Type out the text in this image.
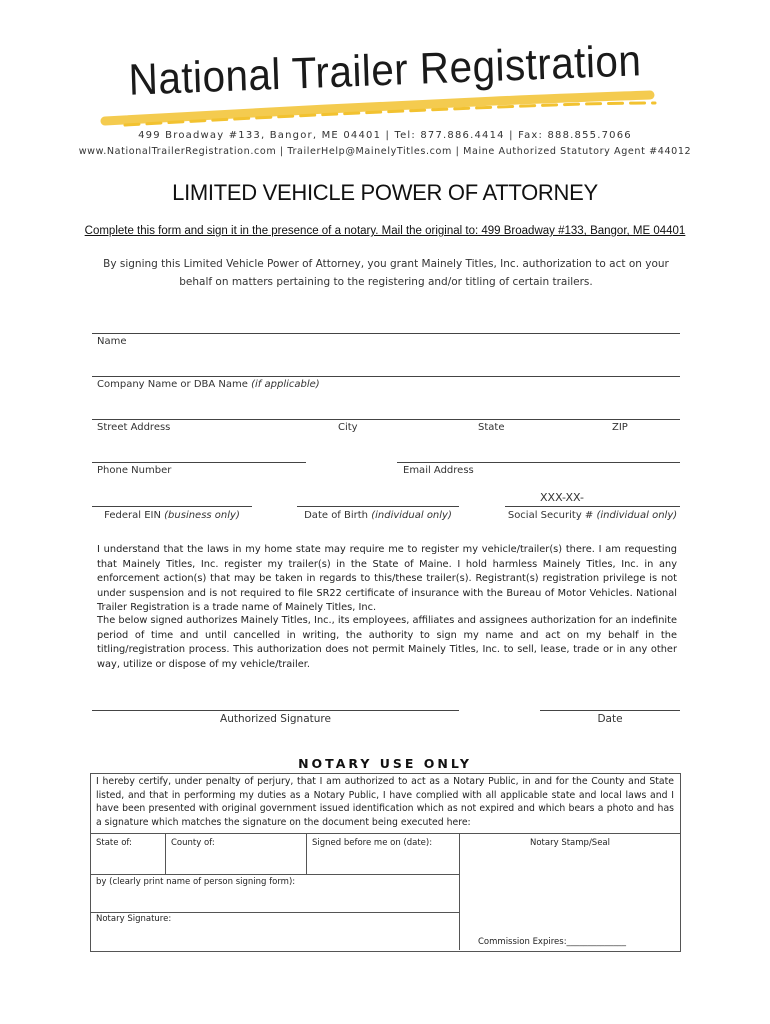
National Trailer Registration
499 Broadway #133, Bangor, ME 04401 | Tel: 877.886.4414 | Fax: 888.855.7066
www.NationalTrailerRegistration.com | TrailerHelp@MainelyTitles.com | Maine Authorized Statutory Agent #44012
LIMITED VEHICLE POWER OF ATTORNEY
Complete this form and sign it in the presence of a notary. Mail the original to: 499 Broadway #133, Bangor, ME 04401
By signing this Limited Vehicle Power of Attorney, you grant Mainely Titles, Inc. authorization to act on your behalf on matters pertaining to the registering and/or titling of certain trailers.
Name
Company Name or DBA Name (if applicable)
Street Address	City	State	ZIP
Phone Number	Email Address
XXX-XX-
Federal EIN (business only)	Date of Birth (individual only)	Social Security # (individual only)
I understand that the laws in my home state may require me to register my vehicle/trailer(s) there. I am requesting that Mainely Titles, Inc. register my trailer(s) in the State of Maine. I hold harmless Mainely Titles, Inc. in any enforcement action(s) that may be taken in regards to this/these trailer(s). Registrant(s) registration privilege is not under suspension and is not required to file SR22 certificate of insurance with the Bureau of Motor Vehicles. National Trailer Registration is a trade name of Mainely Titles, Inc.
The below signed authorizes Mainely Titles, Inc., its employees, affiliates and assignees authorization for an indefinite period of time and until cancelled in writing, the authority to sign my name and act on my behalf in the titling/registration process. This authorization does not permit Mainely Titles, Inc. to sell, lease, trade or in any other way, utilize or dispose of my vehicle/trailer.
Authorized Signature	Date
NOTARY USE ONLY
I hereby certify, under penalty of perjury, that I am authorized to act as a Notary Public, in and for the County and State listed, and that in performing my duties as a Notary Public, I have complied with all applicable state and local laws and I have been presented with original government issued identification which as not expired and which bears a photo and has a signature which matches the signature on the document being executed here:
State of:	County of:	Signed before me on (date):	Notary Stamp/Seal
by (clearly print name of person signing form):
Notary Signature:
Commission Expires:______________
